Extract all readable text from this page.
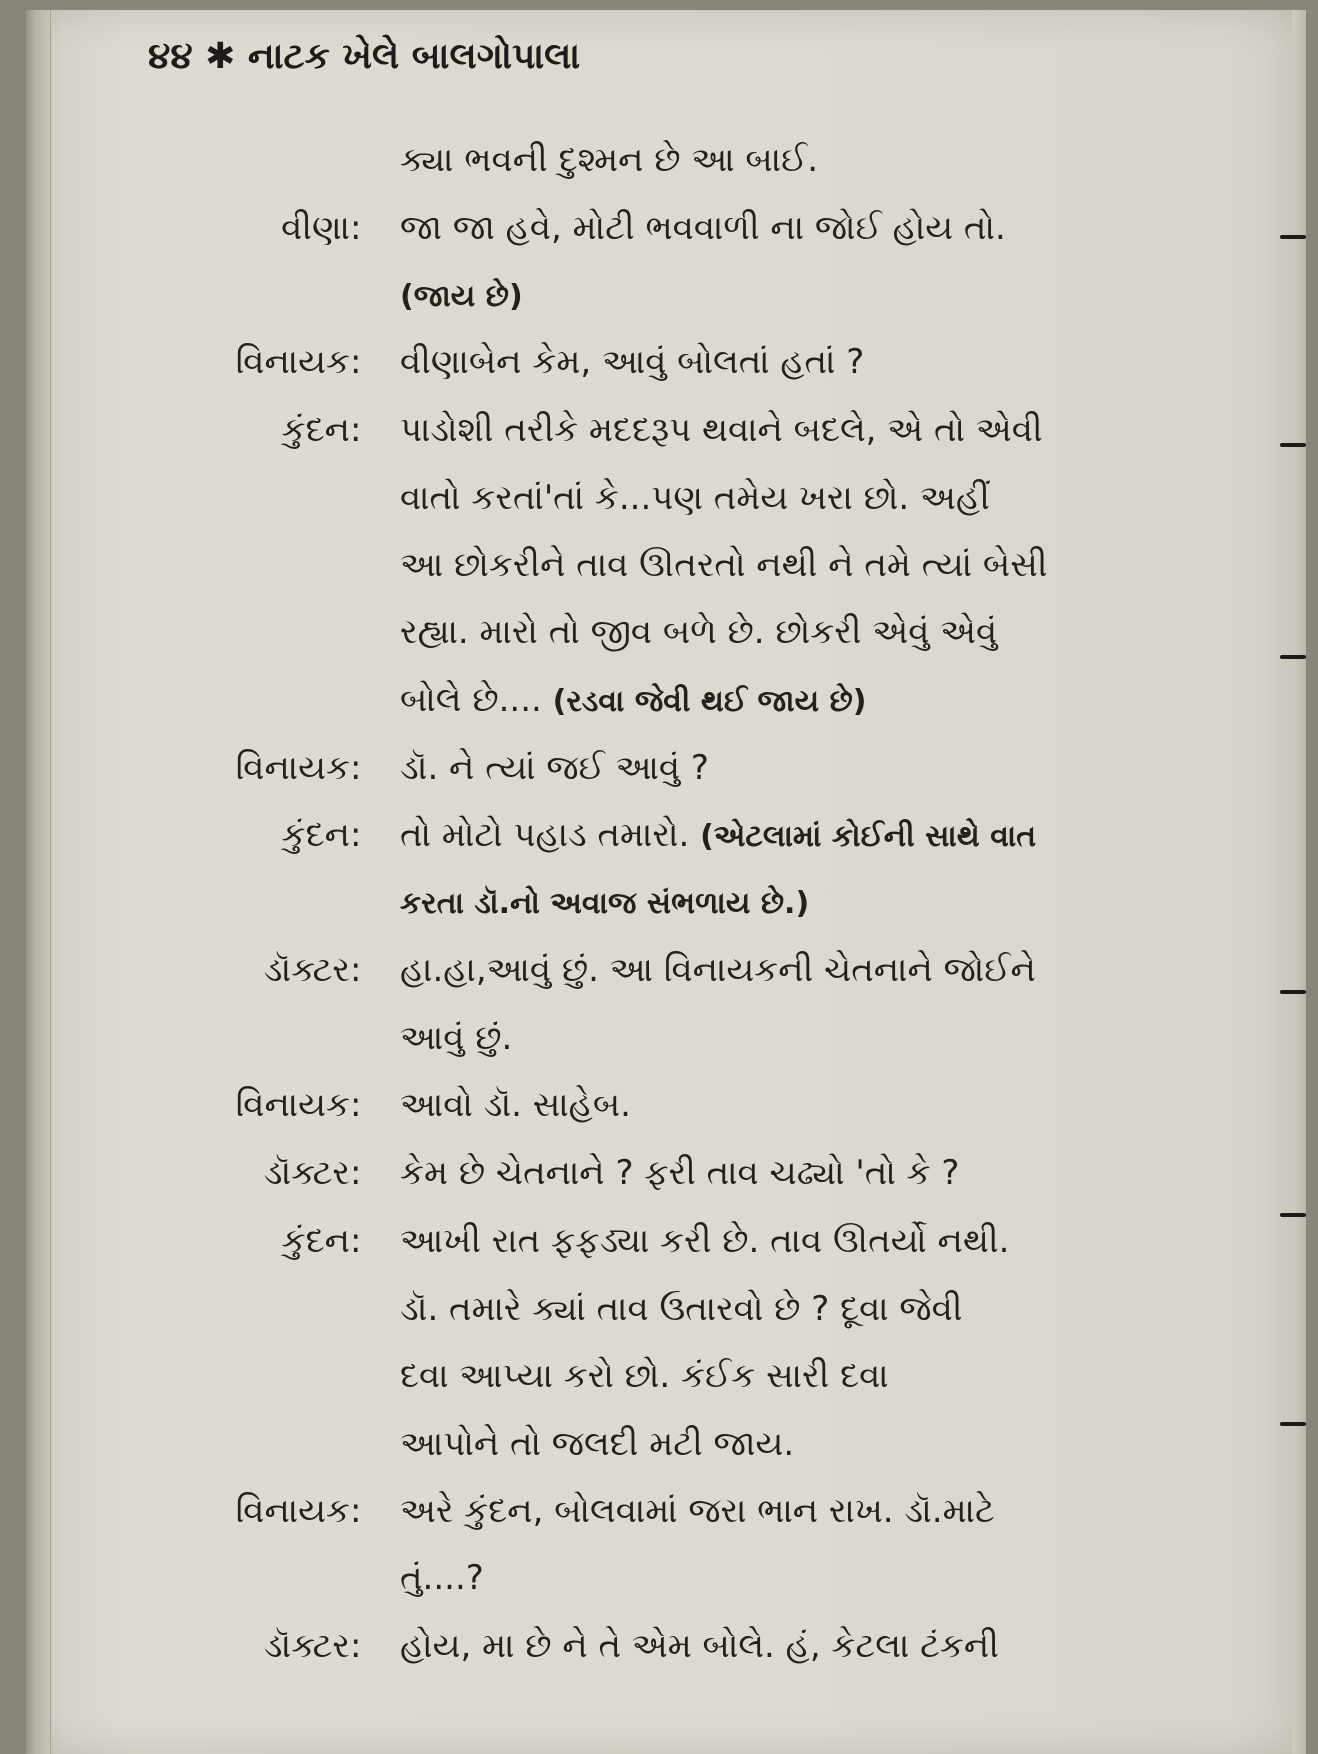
૪૪ ✱ નાટક ખેલે બાલગોપાલા
ક્યા ભવની દુશ્મન છે આ બાઈ.
વીણા : જા જા હવે, મોટી ભવવાળી ના જોઈ હોય તો.
(જાય છે)
વિનાયક : વીણાબેન કેમ, આવું બોલતાં હતાં ?
કુંદન : પાડોશી તરીકે મદદરૂપ થવાને બદલે, એ તો એવી
વાતો કરતાં'તાં કે...પણ તમેય ખરા છો. અહીં
આ છોકરીને તાવ ઊતરતો નથી ને તમે ત્યાં બેસી
રહ્યા. મારો તો જીવ બળે છે. છોકરી એવું એવું
બોલે છે.... (રડવા જેવી થઈ જાય છે)
વિનાયક : ડૉ. ને ત્યાં જઈ આવું ?
કુંદન : તો મોટો પહાડ તમારો. (એટલામાં કોઈની સાથે વાત
કરતા ડૉ.નો અવાજ સંભળાય છે.)
ડૉક્ટર : હા.હા,આવું છું. આ વિનાયકની ચેતનાને જોઈને
આવું છું.
વિનાયક : આવો ડૉ. સાહેબ.
ડૉક્ટર : કેમ છે ચેતનાને ? ફરી તાવ ચઢ્યો 'તો કે ?
કુંદન : આખી રાત ફફડ્યા કરી છે. તાવ ઊતર્યો નથી.
ડૉ. તમારે ક્યાં તાવ ઉતારવો છે ? દૂવા જેવી
દવા આપ્યા કરો છો. કંઈક સારી દવા
આપોને તો જલદી મટી જાય.
વિનાયક : અરે કુંદન, બોલવામાં જરા ભાન રાખ. ડૉ.માટે
તું....?
ડૉક્ટર : હોય, મા છે ને તે એમ બોલે. હં, કેટલા ટંકની
